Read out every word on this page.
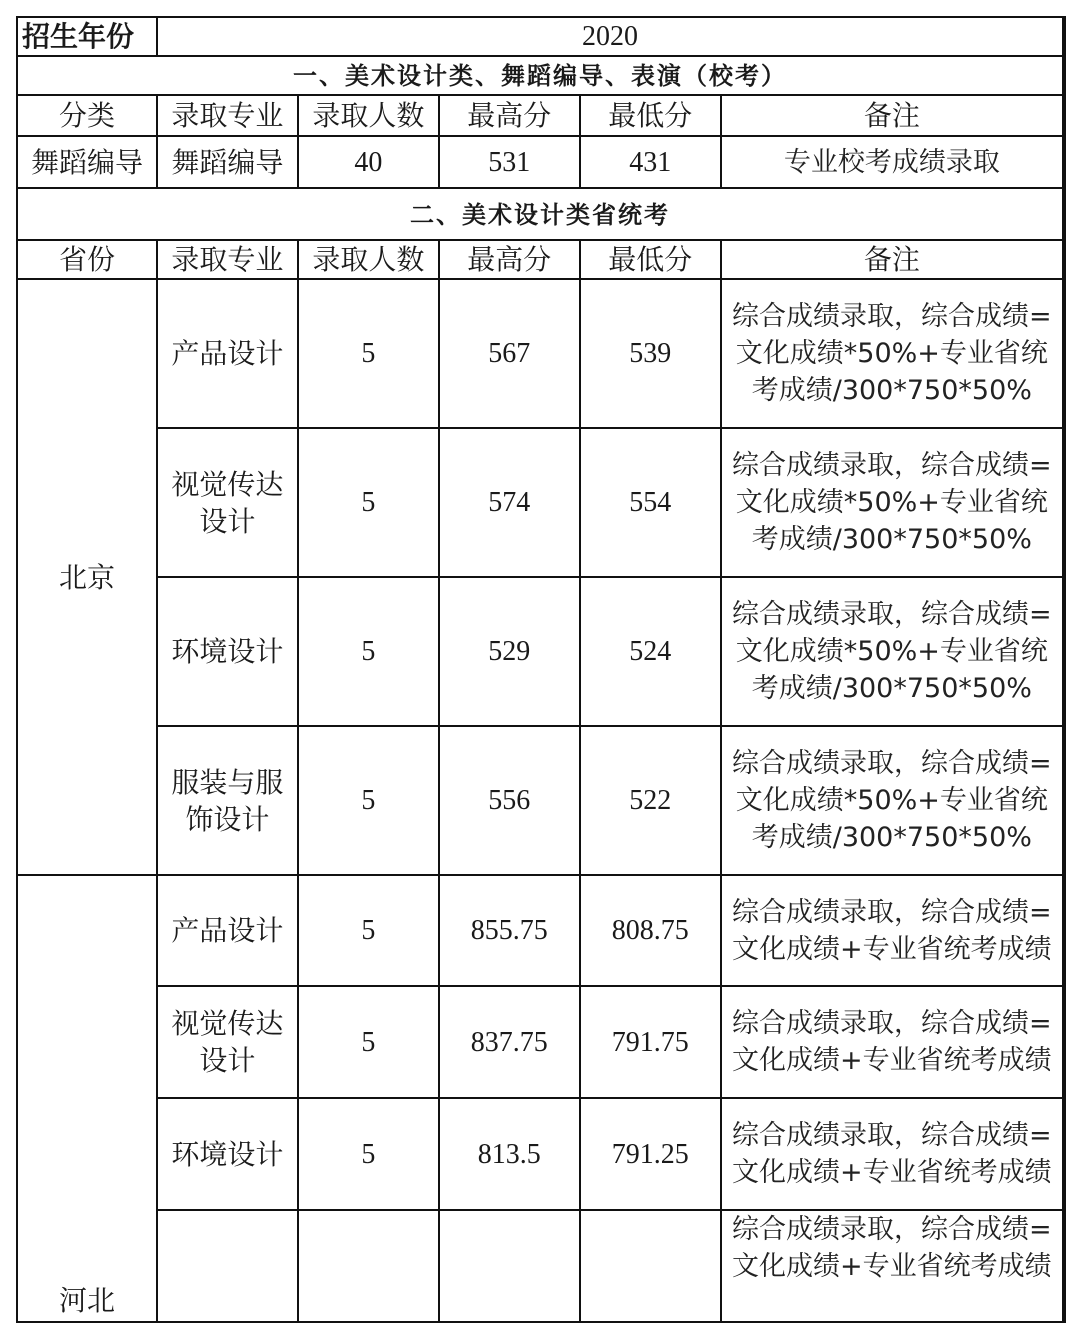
招生年份	2020				
一、美术设计类、舞蹈编导、表演（校考）					
分类	录取专业	录取人数	最高分	最低分	备注
舞蹈编导	舞蹈编导	40	531	431	专业校考成绩录取
二、美术设计类省统考					
省份	录取专业	录取人数	最高分	最低分	备注
北京	产品设计	5	567	539	综合成绩录取，综合成绩=文化成绩*50%+专业省统考成绩/300*750*50%
	视觉传达设计	5	574	554	综合成绩录取，综合成绩=文化成绩*50%+专业省统考成绩/300*750*50%
	环境设计	5	529	524	综合成绩录取，综合成绩=文化成绩*50%+专业省统考成绩/300*750*50%
	服装与服饰设计	5	556	522	综合成绩录取，综合成绩=文化成绩*50%+专业省统考成绩/300*750*50%
河北	产品设计	5	855.75	808.75	综合成绩录取，综合成绩=文化成绩+专业省统考成绩
	视觉传达设计	5	837.75	791.75	综合成绩录取，综合成绩=文化成绩+专业省统考成绩
	环境设计	5	813.5	791.25	综合成绩录取，综合成绩=文化成绩+专业省统考成绩
					综合成绩录取，综合成绩=文化成绩+专业省统考成绩
